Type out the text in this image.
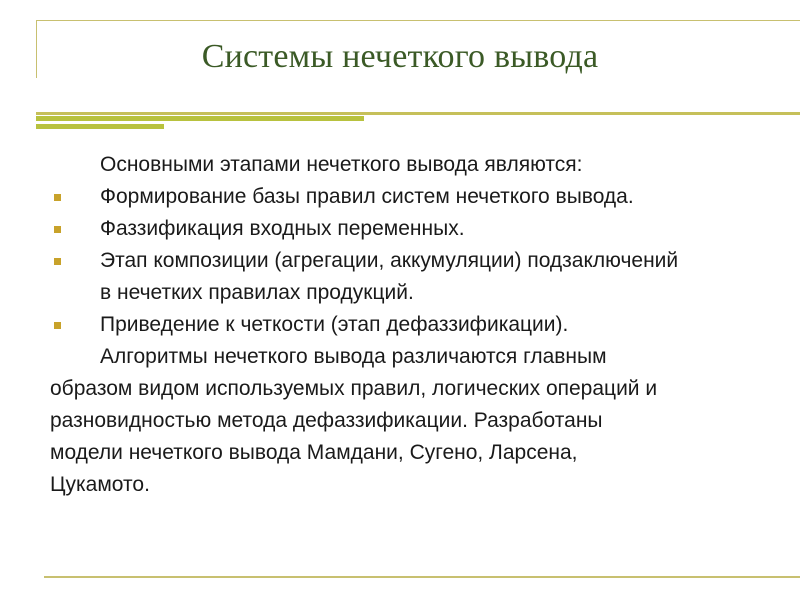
Системы нечеткого вывода
Основными этапами нечеткого вывода являются:
Формирование базы правил систем нечеткого вывода.
Фаззификация входных переменных.
Этап композиции (агрегации, аккумуляции) подзаключений
в нечетких правилах продукций.
Приведение к четкости (этап дефаззификации).
Алгоритмы нечеткого вывода различаются главным
образом видом используемых правил, логических операций и
разновидностью метода дефаззификации. Разработаны
модели нечеткого вывода Мамдани, Сугено, Ларсена,
Цукамото.
